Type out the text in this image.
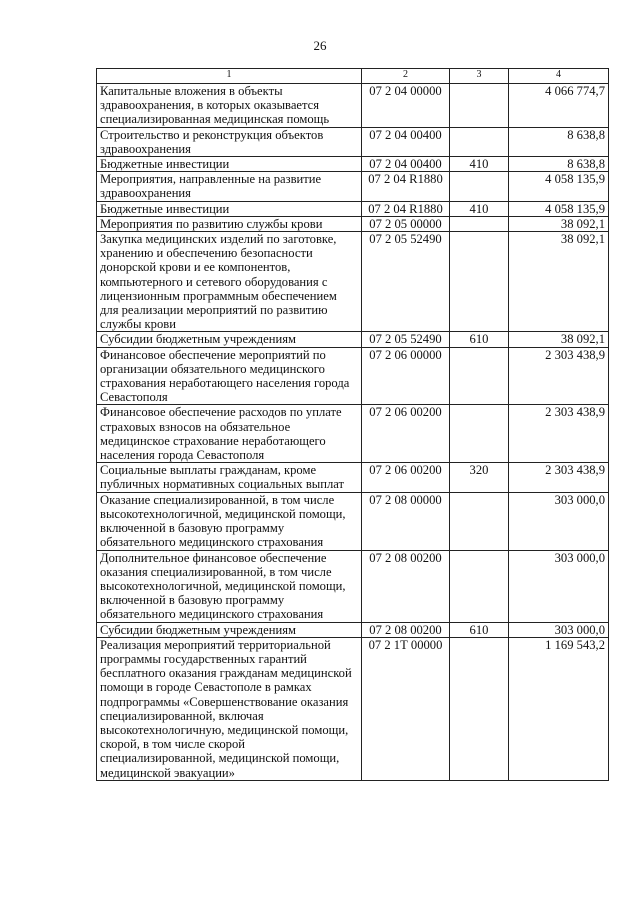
26
1	2	3	4
Капитальные вложения в объекты здравоохранения, в которых оказывается специализированная медицинская помощь	07 2 04 00000		4 066 774,7
Строительство и реконструкция объектов здравоохранения	07 2 04 00400		8 638,8
Бюджетные инвестиции	07 2 04 00400	410	8 638,8
Мероприятия, направленные на развитие здравоохранения	07 2 04 R1880		4 058 135,9
Бюджетные инвестиции	07 2 04 R1880	410	4 058 135,9
Мероприятия по развитию службы крови	07 2 05 00000		38 092,1
Закупка медицинских изделий по заготовке, хранению и обеспечению безопасности донорской крови и ее компонентов, компьютерного и сетевого оборудования с лицензионным программным обеспечением для реализации мероприятий по развитию службы крови	07 2 05 52490		38 092,1
Субсидии бюджетным учреждениям	07 2 05 52490	610	38 092,1
Финансовое обеспечение мероприятий по организации обязательного медицинского страхования неработающего населения города Севастополя	07 2 06 00000		2 303 438,9
Финансовое обеспечение расходов по уплате страховых взносов на обязательное медицинское страхование неработающего населения города Севастополя	07 2 06 00200		2 303 438,9
Социальные выплаты гражданам, кроме публичных нормативных социальных выплат	07 2 06 00200	320	2 303 438,9
Оказание специализированной, в том числе высокотехнологичной, медицинской помощи, включенной в базовую программу обязательного медицинского страхования	07 2 08 00000		303 000,0
Дополнительное финансовое обеспечение оказания специализированной, в том числе высокотехнологичной, медицинской помощи, включенной в базовую программу обязательного медицинского страхования	07 2 08 00200		303 000,0
Субсидии бюджетным учреждениям	07 2 08 00200	610	303 000,0
Реализация мероприятий территориальной программы государственных гарантий бесплатного оказания гражданам медицинской помощи в городе Севастополе в рамках подпрограммы «Совершенствование оказания специализированной, включая высокотехнологичную, медицинской помощи, скорой, в том числе скорой специализированной, медицинской помощи, медицинской эвакуации»	07 2 1Т 00000		1 169 543,2
